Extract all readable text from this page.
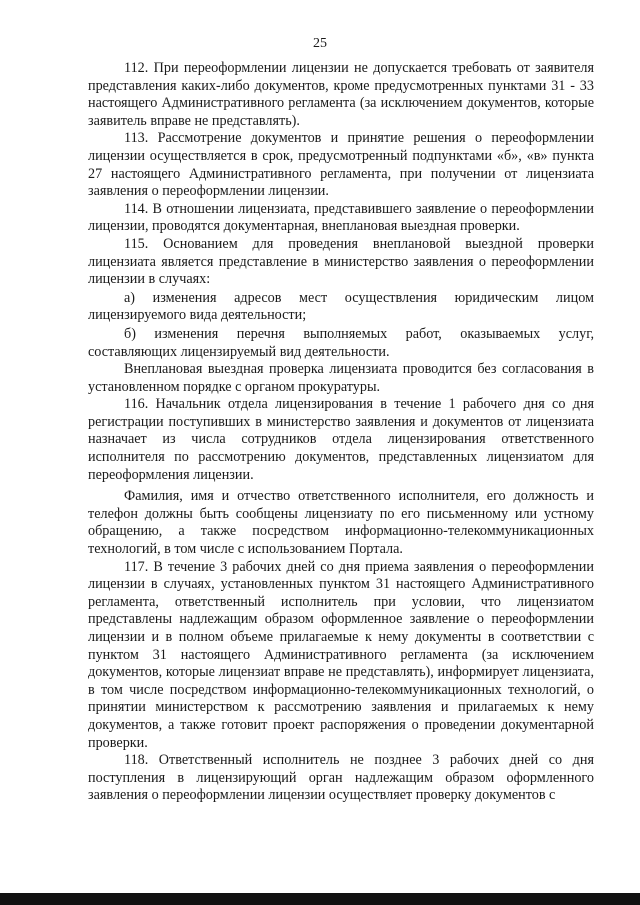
25

112. При переоформлении лицензии не допускается требовать от заявителя представления каких-либо документов, кроме предусмотренных пунктами 31 - 33 настоящего Административного регламента (за исключением документов, которые заявитель вправе не представлять).

113. Рассмотрение документов и принятие решения о переоформлении лицензии осуществляется в срок, предусмотренный подпунктами «б», «в» пункта 27 настоящего Административного регламента, при получении от лицензиата заявления о переоформлении лицензии.

114. В отношении лицензиата, представившего заявление о переоформлении лицензии, проводятся документарная, внеплановая выездная проверки.

115. Основанием для проведения внеплановой выездной проверки лицензиата является представление в министерство заявления о переоформлении лицензии в случаях:

а) изменения адресов мест осуществления юридическим лицом лицензируемого вида деятельности;

б) изменения перечня выполняемых работ, оказываемых услуг, составляющих лицензируемый вид деятельности.

Внеплановая выездная проверка лицензиата проводится без согласования в установленном порядке с органом прокуратуры.

116. Начальник отдела лицензирования в течение 1 рабочего дня со дня регистрации поступивших в министерство заявления и документов от лицензиата назначает из числа сотрудников отдела лицензирования ответственного исполнителя по рассмотрению документов, представленных лицензиатом для переоформления лицензии.

Фамилия, имя и отчество ответственного исполнителя, его должность и телефон должны быть сообщены лицензиату по его письменному или устному обращению, а также посредством информационно-телекоммуникационных технологий, в том числе с использованием Портала.

117. В течение 3 рабочих дней со дня приема заявления о переоформлении лицензии в случаях, установленных пунктом 31 настоящего Административного регламента, ответственный исполнитель при условии, что лицензиатом представлены надлежащим образом оформленное заявление о переоформлении лицензии и в полном объеме прилагаемые к нему документы в соответствии с пунктом 31 настоящего Административного регламента (за исключением документов, которые лицензиат вправе не представлять), информирует лицензиата, в том числе посредством информационно-телекоммуникационных технологий, о принятии министерством к рассмотрению заявления и прилагаемых к нему документов, а также готовит проект распоряжения о проведении документарной проверки.

118. Ответственный исполнитель не позднее 3 рабочих дней со дня поступления в лицензирующий орган надлежащим образом оформленного заявления о переоформлении лицензии осуществляет проверку документов с
